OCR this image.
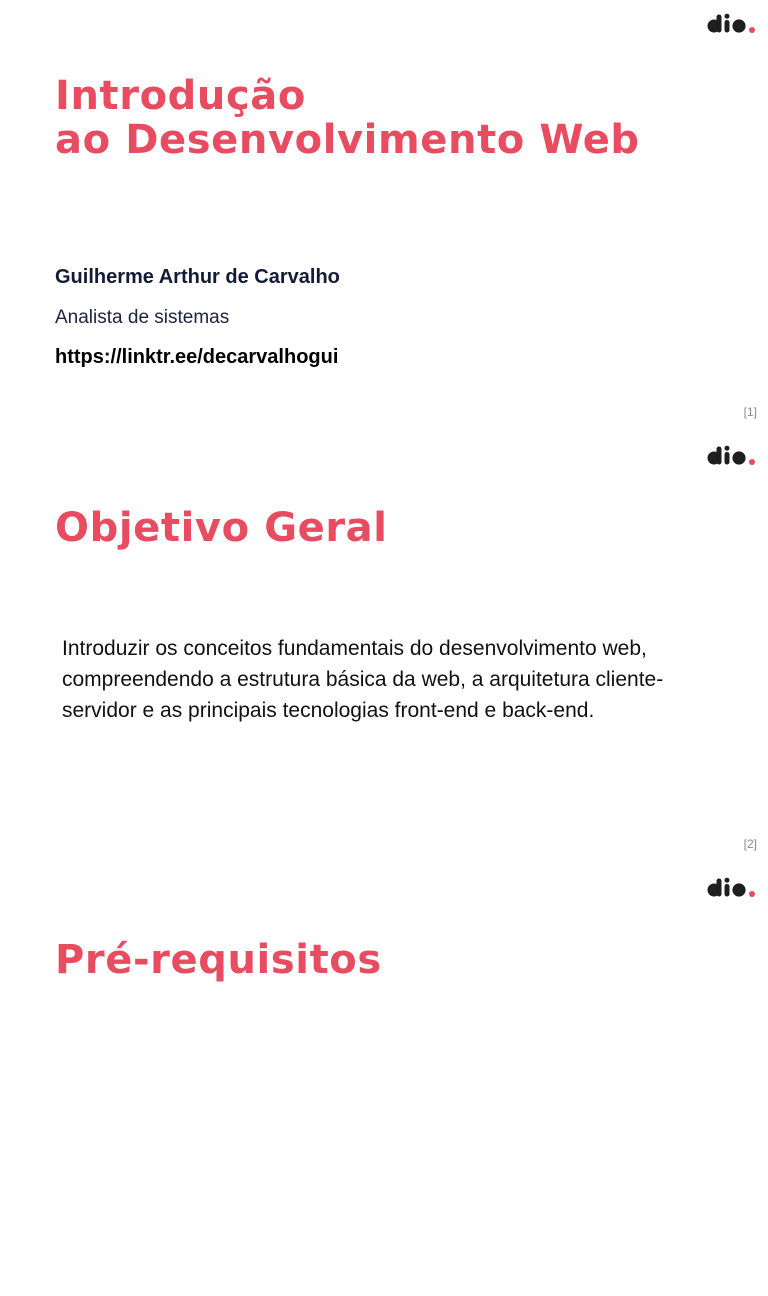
Introdução
ao Desenvolvimento Web
Guilherme Arthur de Carvalho
Analista de sistemas
https://linktr.ee/decarvalhogui
[1]
Objetivo Geral

Introduzir os conceitos fundamentais do desenvolvimento web, compreendendo a estrutura básica da web, a arquitetura cliente-servidor e as principais tecnologias front-end e back-end.

[2]
Pré-requisitos
